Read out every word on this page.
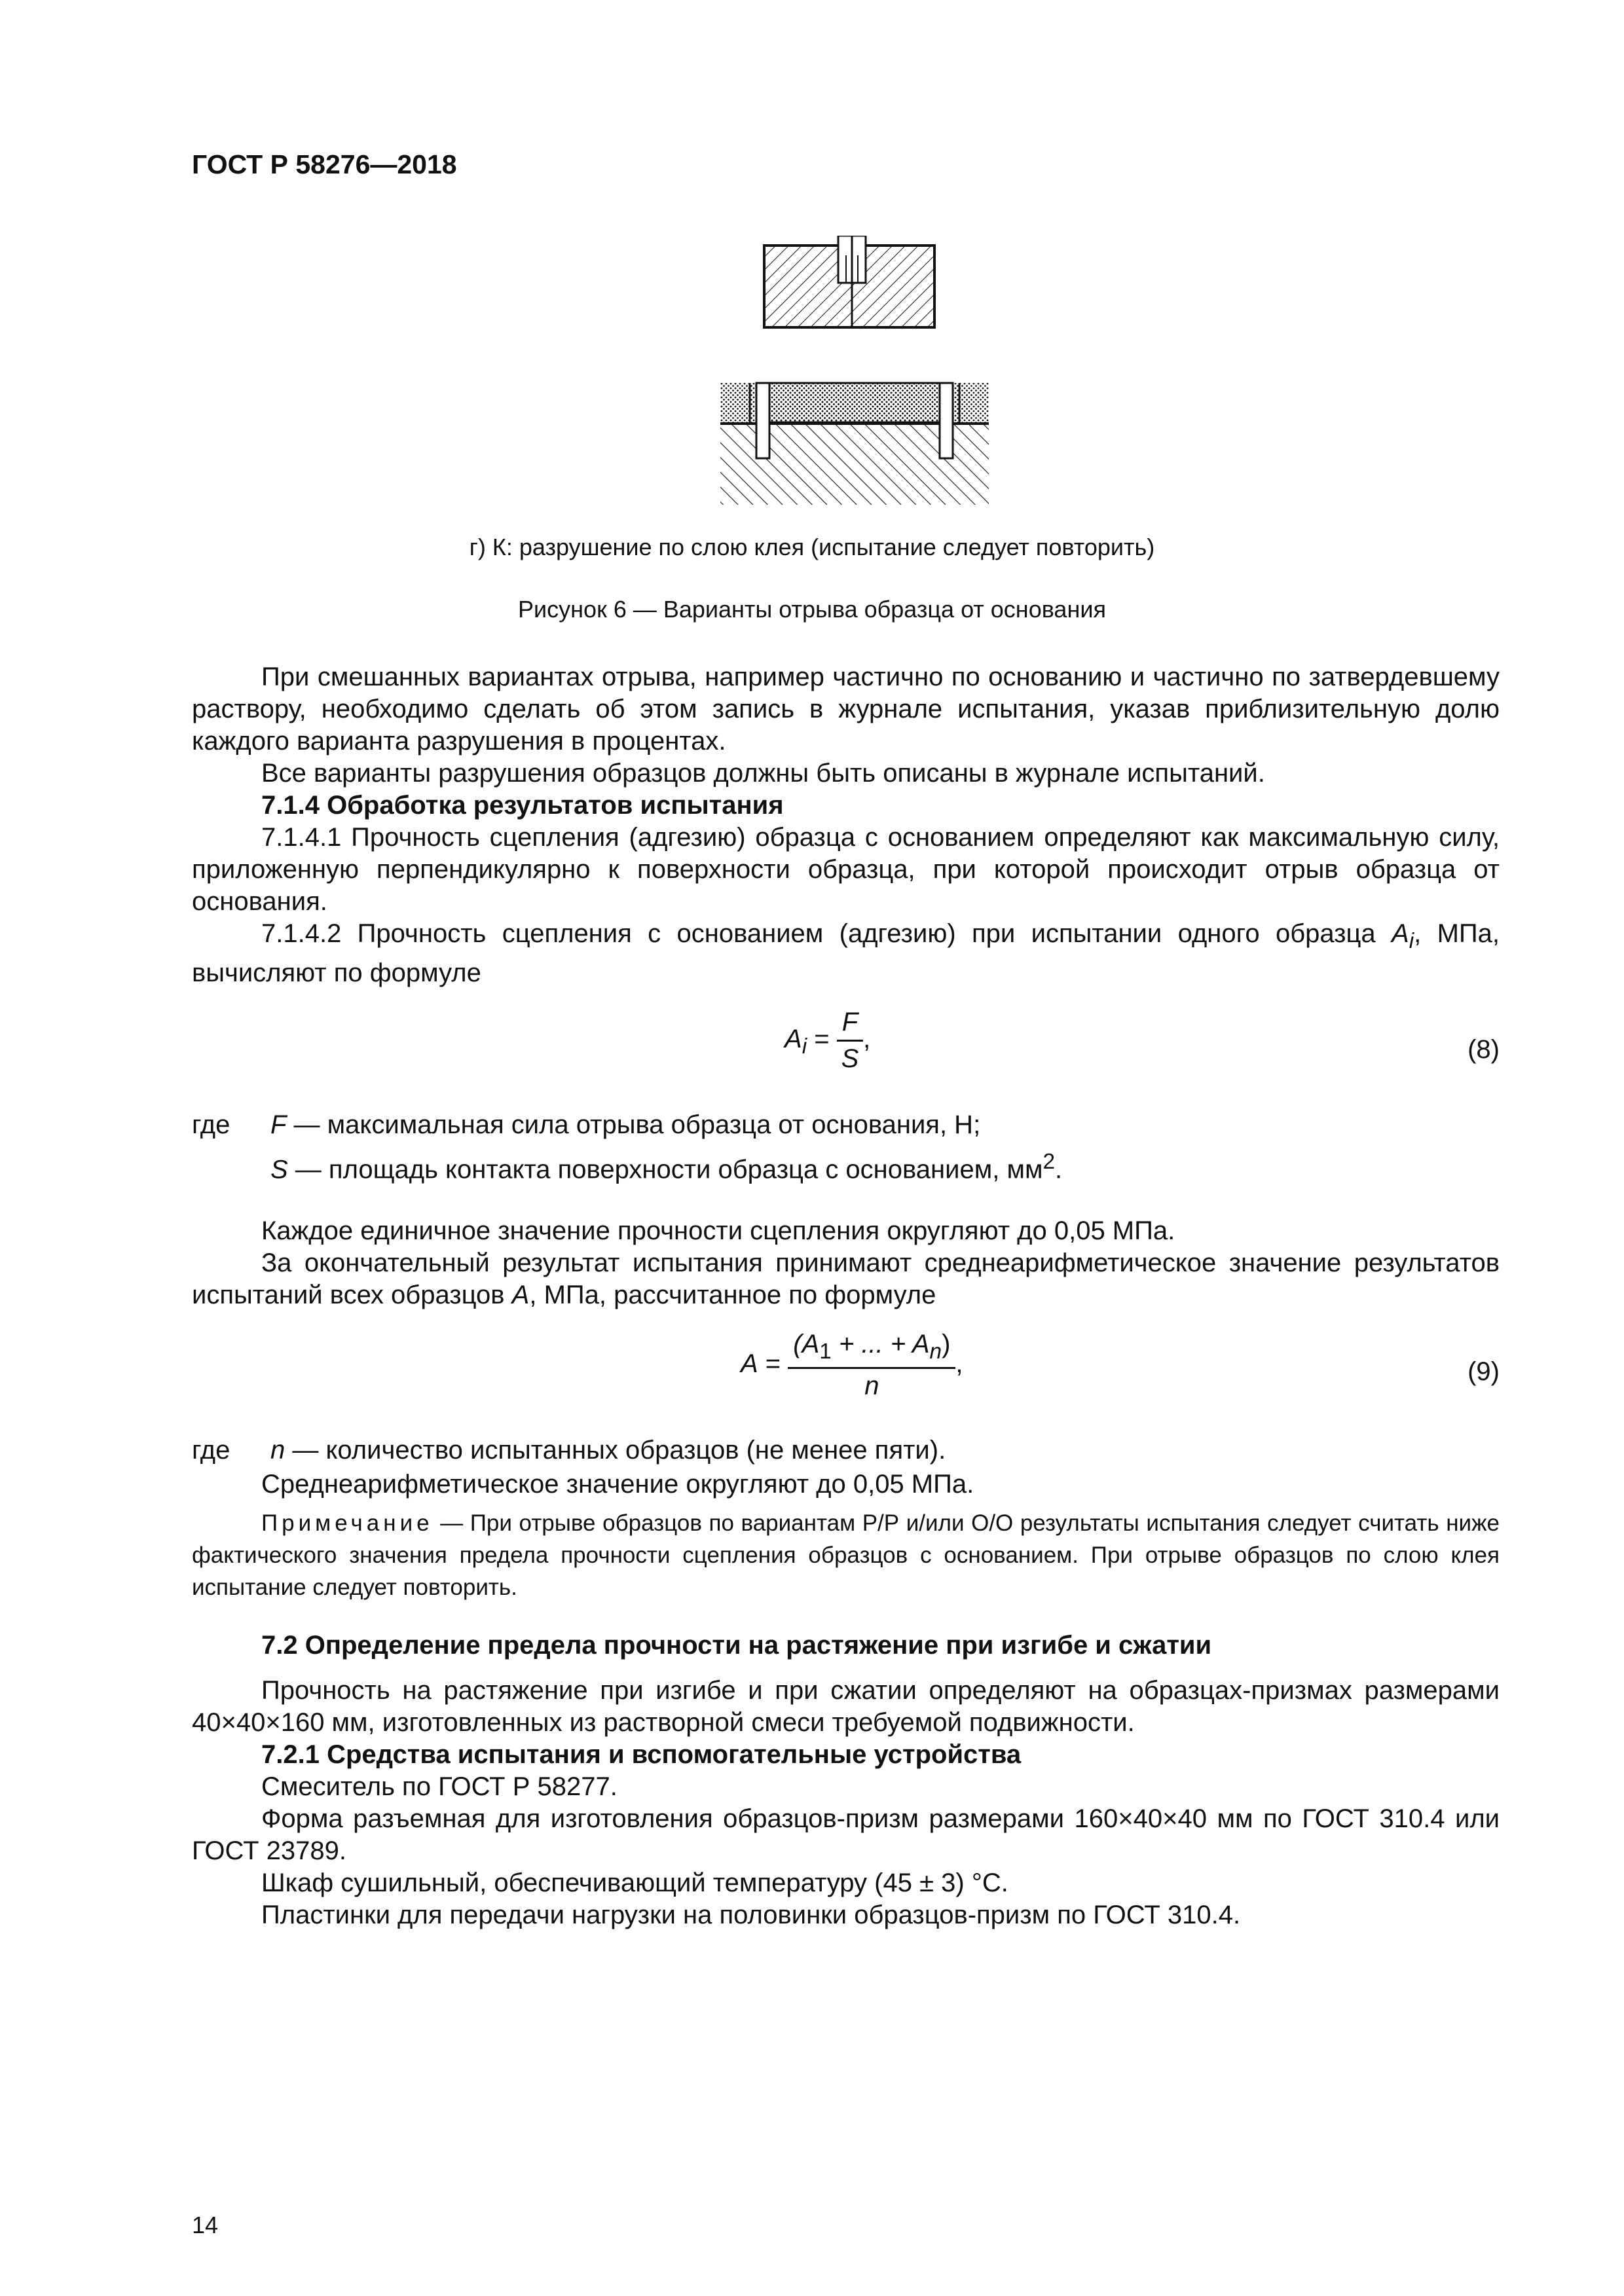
ГОСТ Р 58276—2018
г) К: разрушение по слою клея (испытание следует повторить)
Рисунок 6 — Варианты отрыва образца от основания

При смешанных вариантах отрыва, например частично по основанию и частично по затвердевшему раствору, необходимо сделать об этом запись в журнале испытания, указав приблизительную долю каждого варианта разрушения в процентах.

Все варианты разрушения образцов должны быть описаны в журнале испытаний.

7.1.4 Обработка результатов испытания

7.1.4.1 Прочность сцепления (адгезию) образца с основанием определяют как максимальную силу, приложенную перпендикулярно к поверхности образца, при которой происходит отрыв образца от основания.

7.1.4.2 Прочность сцепления с основанием (адгезию) при испытании одного образца $A_i$, МПа, вычисляют по формуле

$A_i = \frac{F}{S}$ ,	(8)
где F — максимальная сила отрыва образца от основания, Н;
S — площадь контакта поверхности образца с основанием, $мм^2$.

Каждое единичное значение прочности сцепления округляют до 0,05 МПа.

За окончательный результат испытания принимают среднеарифметическое значение результатов испытаний всех образцов A, МПа, рассчитанное по формуле

$A = \frac{(A_1 + ... + A_n)}{n}$ ,	(9)
где n — количество испытанных образцов (не менее пяти).

Среднеарифметическое значение округляют до 0,05 МПа.

Примечание — При отрыве образцов по вариантам Р/Р и/или О/О результаты испытания следует считать ниже фактического значения предела прочности сцепления образцов с основанием. При отрыве образцов по слою клея испытание следует повторить.

7.2 Определение предела прочности на растяжение при изгибе и сжатии

Прочность на растяжение при изгибе и при сжатии определяют на образцах-призмах размерами 40×40×160 мм, изготовленных из растворной смеси требуемой подвижности.

7.2.1 Средства испытания и вспомогательные устройства

Смеситель по ГОСТ Р 58277.

Форма разъемная для изготовления образцов-призм размерами 160×40×40 мм по ГОСТ 310.4 или ГОСТ 23789.

Шкаф сушильный, обеспечивающий температуру (45 ± 3) °С.

Пластинки для передачи нагрузки на половинки образцов-призм по ГОСТ 310.4.

14
